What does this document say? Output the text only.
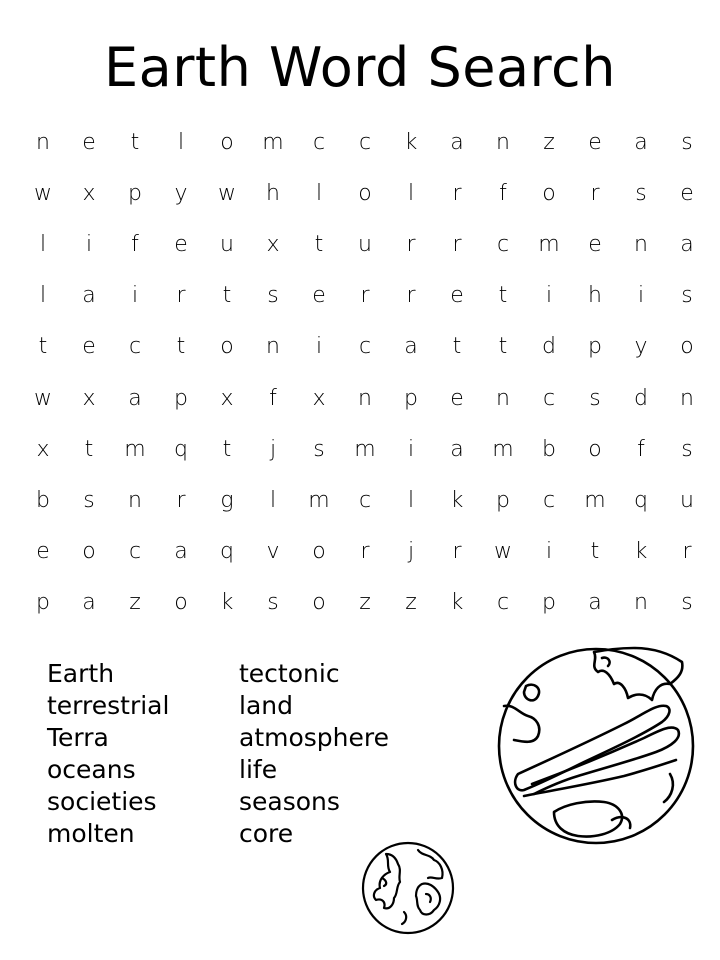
Earth Word Search
n	e	t	l	o	m	c	c	k	a	n	z	e	a	s
w	x	p	y	w	h	l	o	l	r	f	o	r	s	e
l	i	f	e	u	x	t	u	r	r	c	m	e	n	a
l	a	i	r	t	s	e	r	r	e	t	i	h	i	s
t	e	c	t	o	n	i	c	a	t	t	d	p	y	o
w	x	a	p	x	f	x	n	p	e	n	c	s	d	n
x	t	m	q	t	j	s	m	i	a	m	b	o	f	s
b	s	n	r	g	l	m	c	l	k	p	c	m	q	u
e	o	c	a	q	v	o	r	j	r	w	i	t	k	r
p	a	z	o	k	s	o	z	z	k	c	p	a	n	s
Earth
terrestrial
Terra
oceans
societies
molten
tectonic
land
atmosphere
life
seasons
core
